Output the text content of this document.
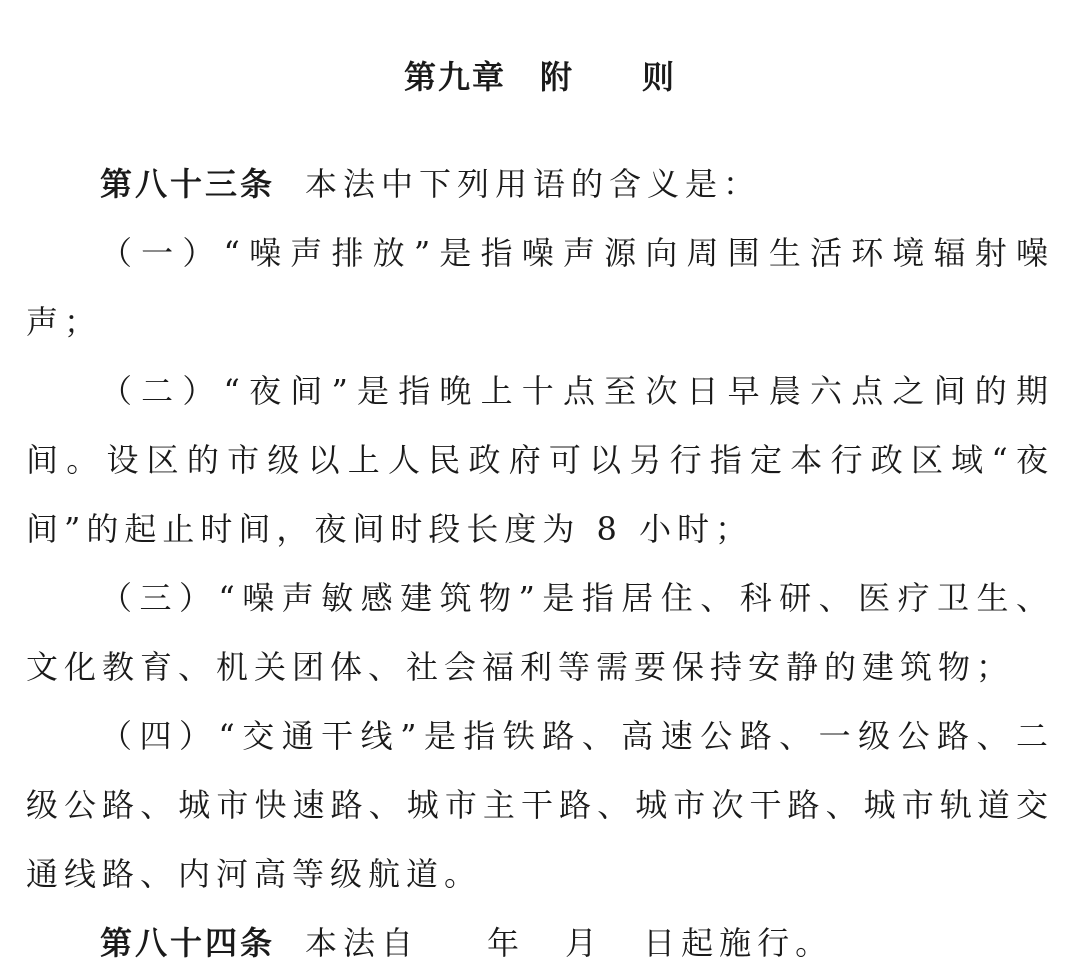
第九章　附　　则

第八十三条 本法中下列用语的含义是：

（一）“噪声排放”是指噪声源向周围生活环境辐射噪声；

（二）“夜间”是指晚上十点至次日早晨六点之间的期间。设区的市级以上人民政府可以另行指定本行政区域“夜间”的起止时间，夜间时段长度为 8 小时；

（三）“噪声敏感建筑物”是指居住、科研、医疗卫生、文化教育、机关团体、社会福利等需要保持安静的建筑物；

（四）“交通干线”是指铁路、高速公路、一级公路、二级公路、城市快速路、城市主干路、城市次干路、城市轨道交通线路、内河高等级航道。

第八十四条 本法自 年 月 日起施行。
